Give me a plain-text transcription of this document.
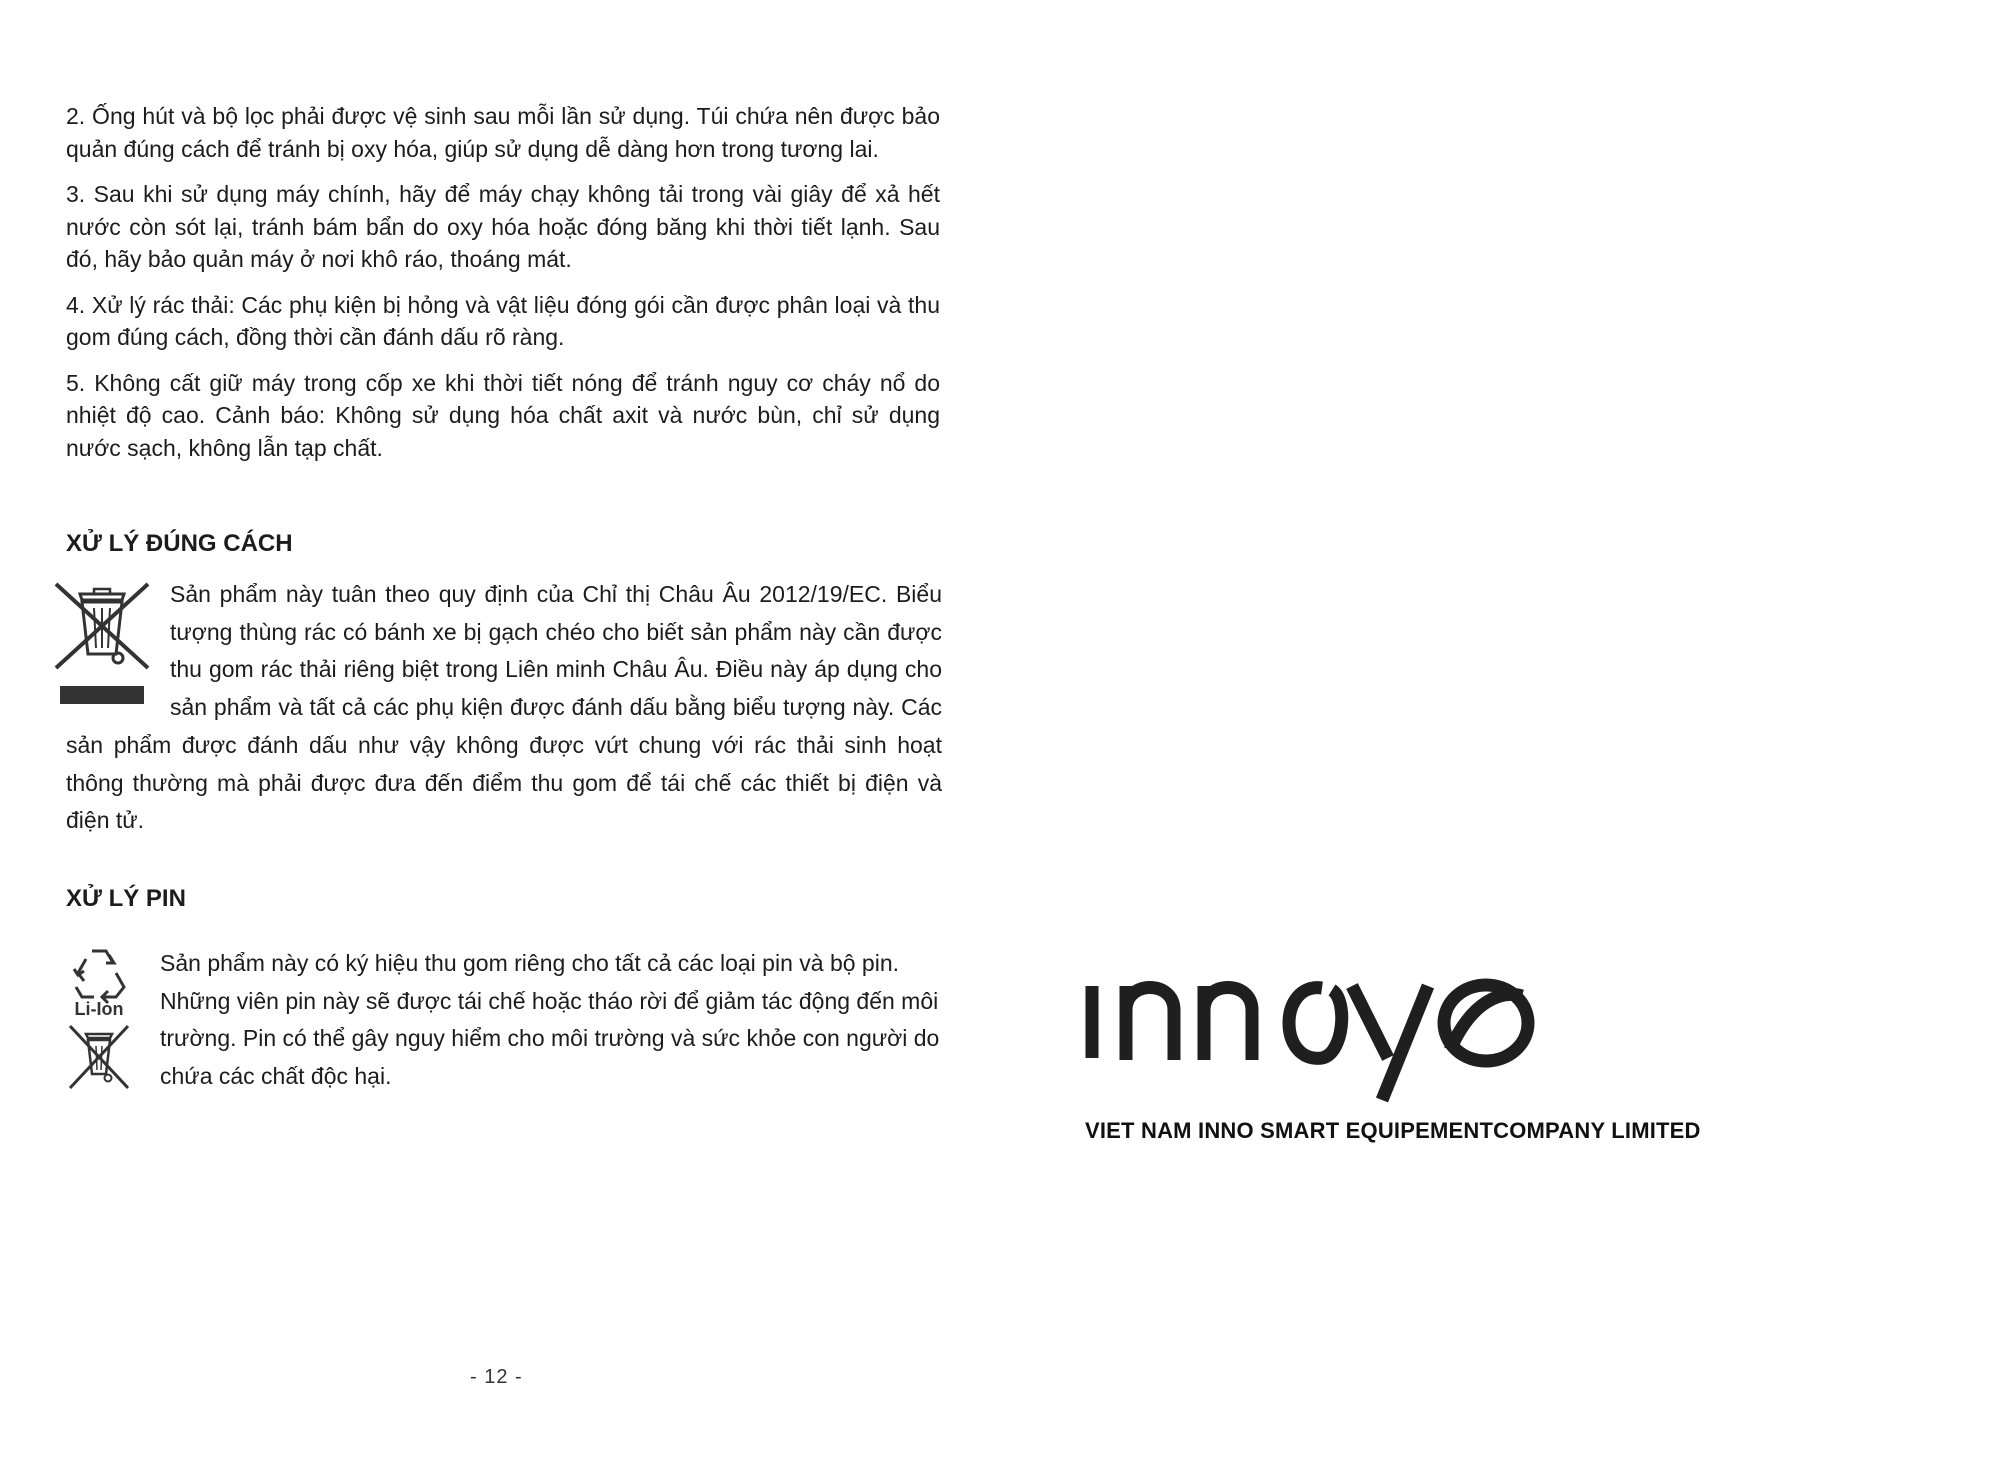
2. Ống hút và bộ lọc phải được vệ sinh sau mỗi lần sử dụng. Túi chứa nên được bảo quản đúng cách để tránh bị oxy hóa, giúp sử dụng dễ dàng hơn trong tương lai.

3. Sau khi sử dụng máy chính, hãy để máy chạy không tải trong vài giây để xả hết nước còn sót lại, tránh bám bẩn do oxy hóa hoặc đóng băng khi thời tiết lạnh. Sau đó, hãy bảo quản máy ở nơi khô ráo, thoáng mát.

4. Xử lý rác thải: Các phụ kiện bị hỏng và vật liệu đóng gói cần được phân loại và thu gom đúng cách, đồng thời cần đánh dấu rõ ràng.

5. Không cất giữ máy trong cốp xe khi thời tiết nóng để tránh nguy cơ cháy nổ do nhiệt độ cao. Cảnh báo: Không sử dụng hóa chất axit và nước bùn, chỉ sử dụng nước sạch, không lẫn tạp chất.

XỬ LÝ ĐÚNG CÁCH
Sản phẩm này tuân theo quy định của Chỉ thị Châu Âu 2012/19/EC. Biểu tượng thùng rác có bánh xe bị gạch chéo cho biết sản phẩm này cần được thu gom rác thải riêng biệt trong Liên minh Châu Âu. Điều này áp dụng cho sản phẩm và tất cả các phụ kiện được đánh dấu bằng biểu tượng này. Các sản phẩm được đánh dấu như vậy không được vứt chung với rác thải sinh hoạt thông thường mà phải được đưa đến điểm thu gom để tái chế các thiết bị điện và điện tử.
XỬ LÝ PIN
Li-Ion
Sản phẩm này có ký hiệu thu gom riêng cho tất cả các loại pin và bộ pin. Những viên pin này sẽ được tái chế hoặc tháo rời để giảm tác động đến môi trường. Pin có thể gây nguy hiểm cho môi trường và sức khỏe con người do chứa các chất độc hại.
- 12 -
VIET NAM INNO SMART EQUIPEMENTCOMPANY LIMITED
